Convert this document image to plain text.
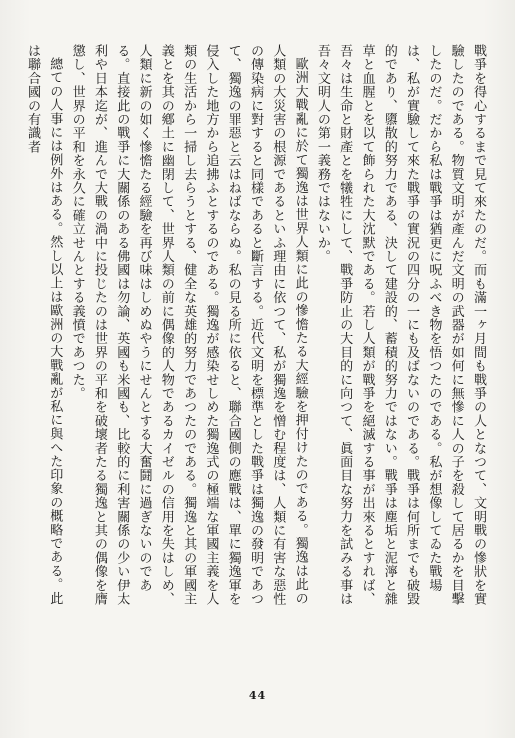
戰爭を得心するまで見て來たのだ。而も滿一ヶ月間も戰爭の人となつて、文明戰の慘狀を實驗したのである。物質文明が產んだ文明の武器が如何に無慘に人の子を殺して居るかを目擊したのだ。だから私は戰爭は猶更に呪ふべき物を悟つたのである。私が想像してゐた戰場は、私が實驗して來た戰爭の實況の四分の一にも及ばないのである。戰爭は何所までも破毀的であり、隳散的努力である、決して建設的、蓄積的努力ではない。戰爭は塵垢と泥濘と雜草と血腥とを以て飾られた大沈默である。若し人類が戰爭を絕滅する事が出來るとすれば、吾々は生命と財產とを犧牲にして、戰爭防止の大目的に向つて、眞面目な努力を試みる事は吾々文明人の第一義務ではないか。

歐洲大戰亂に於て獨逸は世界人類に此の慘憺たる大經驗を押付けたのである。獨逸は此の人類の大災害の根源であるといふ理由に依つて、私が獨逸を憎む程度は、人類に有害な惡性の傳染病に對すると同樣であると斷言する。近代文明を標準とした戰爭は獨逸の發明であつて、獨逸の罪惡と云はねばならぬ。私の見る所に依ると、聯合國側の應戰は、單に獨逸軍を侵入した地方から追拂ふとするのである。獨逸が感染せしめた獨逸式の極端な軍國主義を人類の生活から一掃し去らうとする、健全な英雄的努力であつたのである。獨逸と其の軍國主義とを其の鄕土に幽閉して、世界人類の前に偶像的人物であるカイゼルの信用を失はしめ、人類に新の如く慘憺たる經驗を再び味はしめぬやうにせんとする大奮鬪に過ぎないのである。直接此の戰爭に大關係のある佛國は勿論、英國も米國も、比較的に利害關係の少い伊太利や日本迄が、進んで大戰の渦中に投じたのは世界の平和を破壞者たる獨逸と其の偶像を膺懲し、世界の平和を永久に確立せんとする義憤であつた。

總ての人事には例外はある。然し以上は歐洲の大戰亂が私に與へた印象の概略である。此は聯合國の有識者

44
